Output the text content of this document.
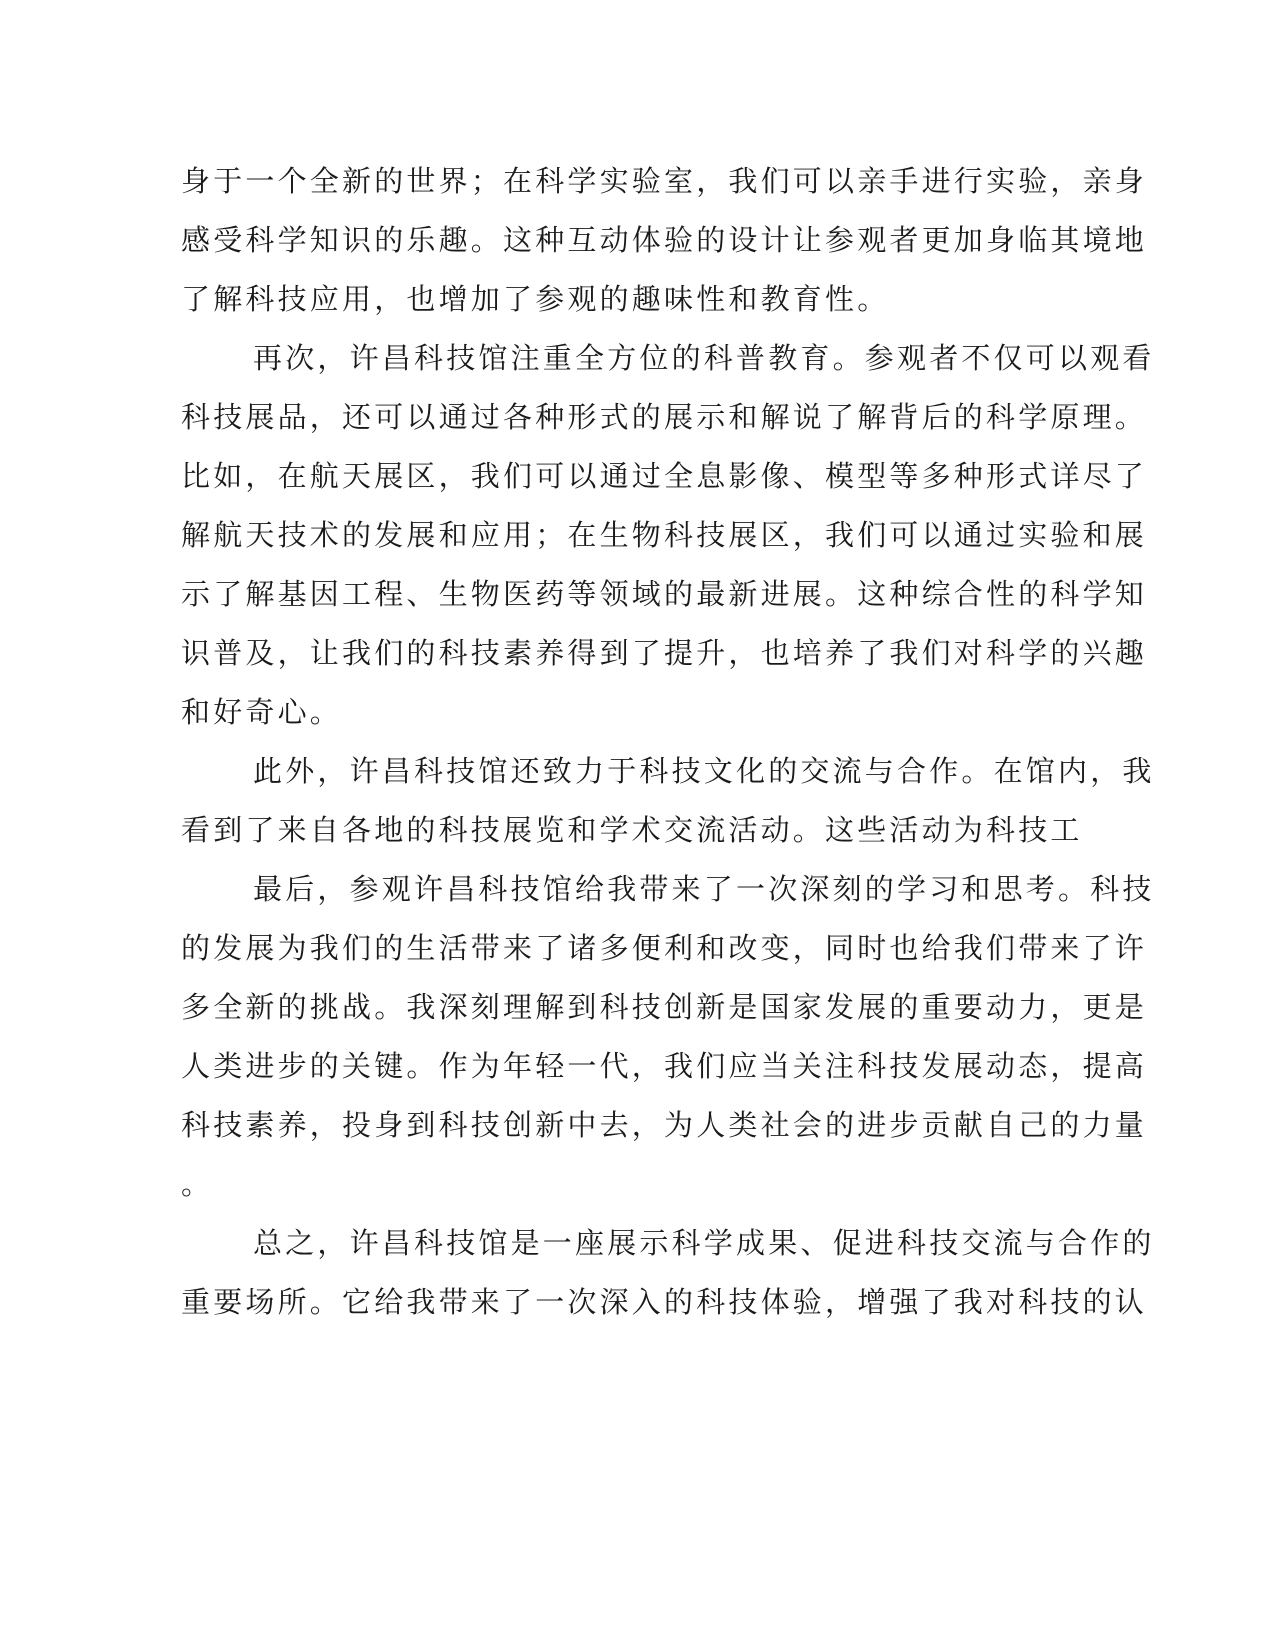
身于一个全新的世界；在科学实验室，我们可以亲手进行实验，亲身
感受科学知识的乐趣。这种互动体验的设计让参观者更加身临其境地
了解科技应用，也增加了参观的趣味性和教育性。
再次，许昌科技馆注重全方位的科普教育。参观者不仅可以观看
科技展品，还可以通过各种形式的展示和解说了解背后的科学原理。
比如，在航天展区，我们可以通过全息影像、模型等多种形式详尽了
解航天技术的发展和应用；在生物科技展区，我们可以通过实验和展
示了解基因工程、生物医药等领域的最新进展。这种综合性的科学知
识普及，让我们的科技素养得到了提升，也培养了我们对科学的兴趣
和好奇心。
此外，许昌科技馆还致力于科技文化的交流与合作。在馆内，我
看到了来自各地的科技展览和学术交流活动。这些活动为科技工
最后，参观许昌科技馆给我带来了一次深刻的学习和思考。科技
的发展为我们的生活带来了诸多便利和改变，同时也给我们带来了许
多全新的挑战。我深刻理解到科技创新是国家发展的重要动力，更是
人类进步的关键。作为年轻一代，我们应当关注科技发展动态，提高
科技素养，投身到科技创新中去，为人类社会的进步贡献自己的力量
。
总之，许昌科技馆是一座展示科学成果、促进科技交流与合作的
重要场所。它给我带来了一次深入的科技体验，增强了我对科技的认
